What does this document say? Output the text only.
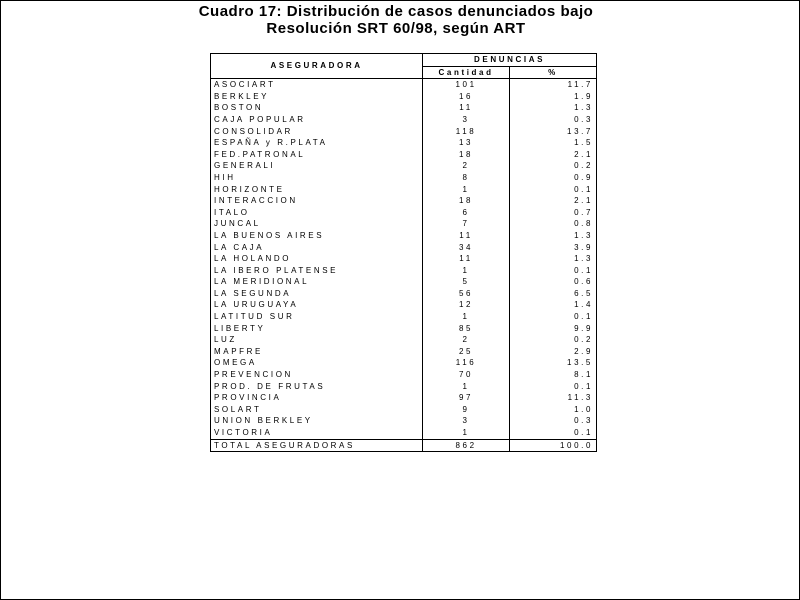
Cuadro 17: Distribución de casos denunciados bajo
Resolución SRT 60/98, según ART
ASEGURADORA	DENUNCIAS	
	Cantidad	%
ASOCIART	101	11.7
BERKLEY	16	1.9
BOSTON	11	1.3
CAJA POPULAR	3	0.3
CONSOLIDAR	118	13.7
ESPAÑA y R.PLATA	13	1.5
FED.PATRONAL	18	2.1
GENERALI	2	0.2
HIH	8	0.9
HORIZONTE	1	0.1
INTERACCION	18	2.1
ITALO	6	0.7
JUNCAL	7	0.8
LA BUENOS AIRES	11	1.3
LA CAJA	34	3.9
LA HOLANDO	11	1.3
LA IBERO PLATENSE	1	0.1
LA MERIDIONAL	5	0.6
LA SEGUNDA	56	6.5
LA URUGUAYA	12	1.4
LATITUD SUR	1	0.1
LIBERTY	85	9.9
LUZ	2	0.2
MAPFRE	25	2.9
OMEGA	116	13.5
PREVENCION	70	8.1
PROD. DE FRUTAS	1	0.1
PROVINCIA	97	11.3
SOLART	9	1.0
UNION BERKLEY	3	0.3
VICTORIA	1	0.1
TOTAL ASEGURADORAS	862	100.0
